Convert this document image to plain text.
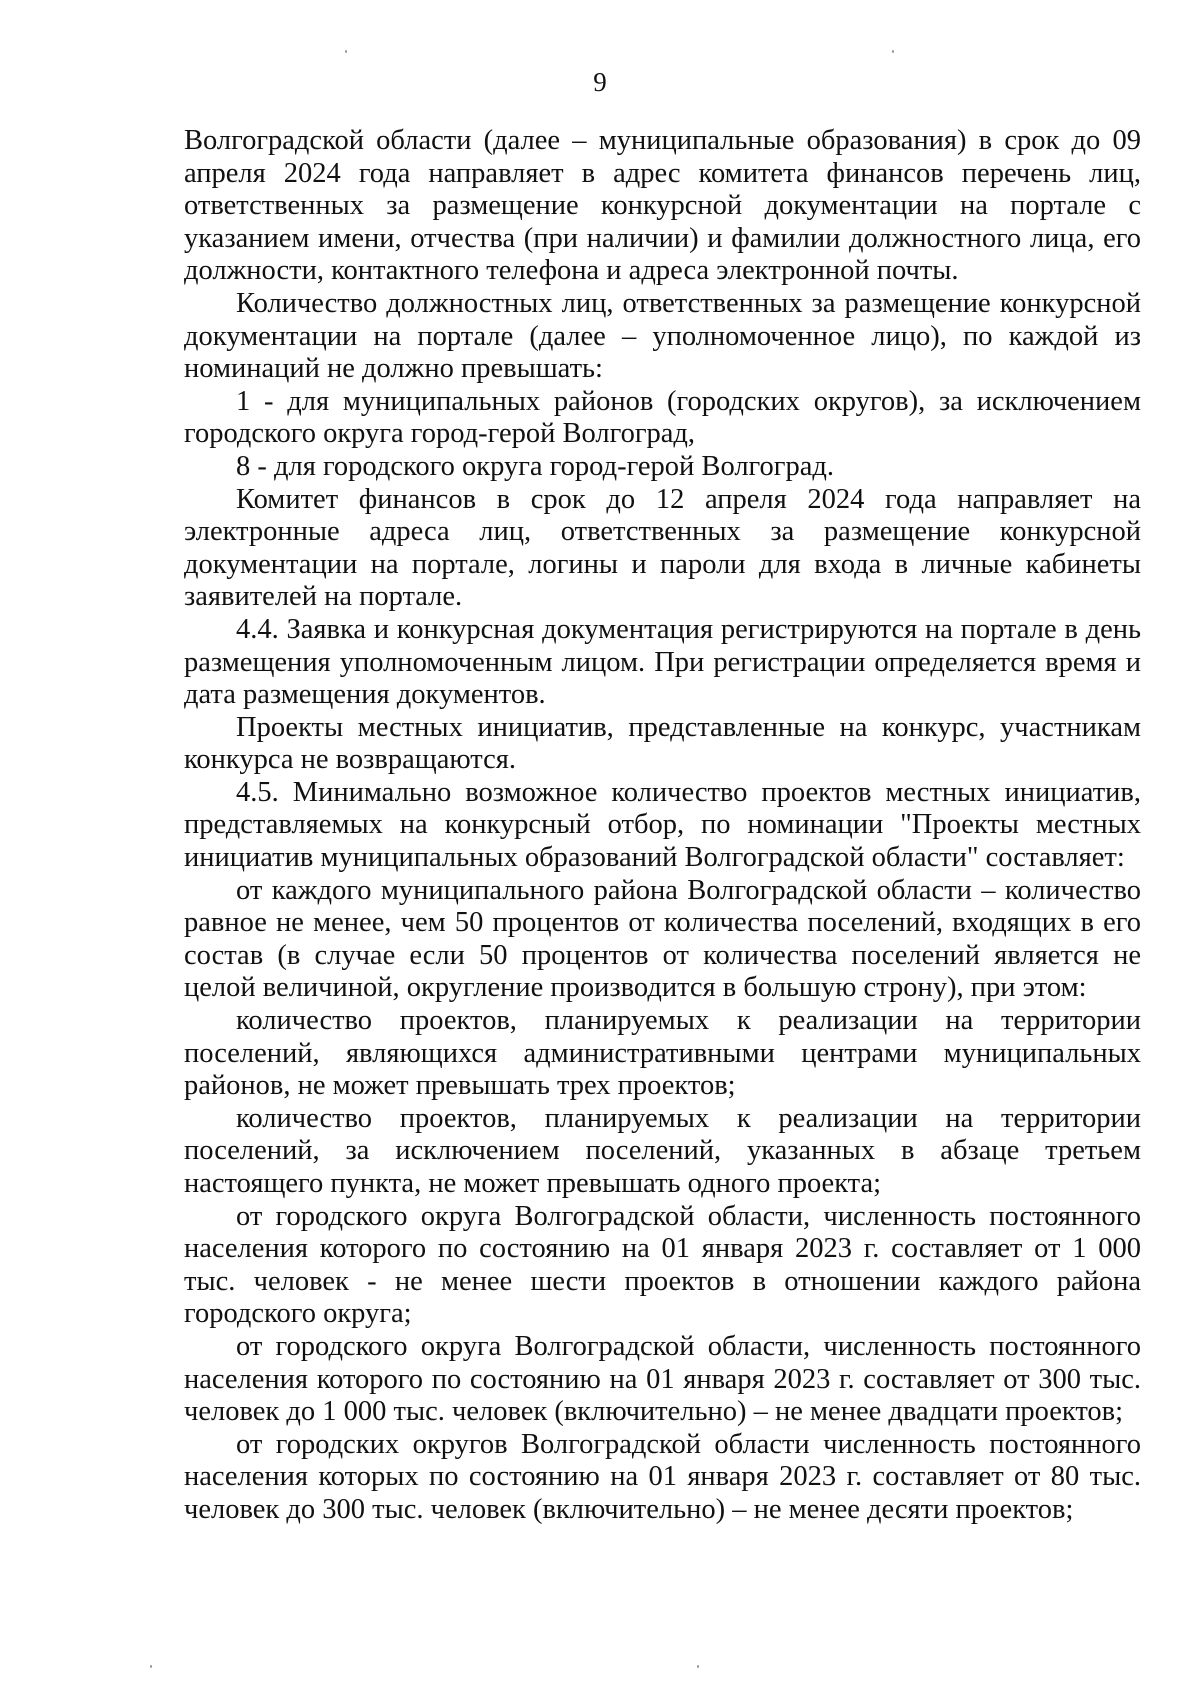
9

Волгоградской области (далее – муниципальные образования) в срок до 09 апреля 2024 года направляет в адрес комитета финансов перечень лиц, ответственных за размещение конкурсной документации на портале с указанием имени, отчества (при наличии) и фамилии должностного лица, его должности, контактного телефона и адреса электронной почты.

Количество должностных лиц, ответственных за размещение конкурсной документации на портале (далее – уполномоченное лицо), по каждой из номинаций не должно превышать:

1 - для муниципальных районов (городских округов), за исключением городского округа город-герой Волгоград,

8 - для городского округа город-герой Волгоград.

Комитет финансов в срок до 12 апреля 2024 года направляет на электронные адреса лиц, ответственных за размещение конкурсной документации на портале, логины и пароли для входа в личные кабинеты заявителей на портале.

4.4. Заявка и конкурсная документация регистрируются на портале в день размещения уполномоченным лицом. При регистрации определяется время и дата размещения документов.

Проекты местных инициатив, представленные на конкурс, участникам конкурса не возвращаются.

4.5. Минимально возможное количество проектов местных инициатив, представляемых на конкурсный отбор, по номинации "Проекты местных инициатив муниципальных образований Волгоградской области" составляет:

от каждого муниципального района Волгоградской области – количество равное не менее, чем 50 процентов от количества поселений, входящих в его состав (в случае если 50 процентов от количества поселений является не целой величиной, округление производится в большую строну), при этом:

количество проектов, планируемых к реализации на территории поселений, являющихся административными центрами муниципальных районов, не может превышать трех проектов;

количество проектов, планируемых к реализации на территории поселений, за исключением поселений, указанных в абзаце третьем настоящего пункта, не может превышать одного проекта;

от городского округа Волгоградской области, численность постоянного населения которого по состоянию на 01 января 2023 г. составляет от 1 000 тыс. человек - не менее шести проектов в отношении каждого района городского округа;

от городского округа Волгоградской области, численность постоянного населения которого по состоянию на 01 января 2023 г. составляет от 300 тыс. человек до 1 000 тыс. человек (включительно) – не менее двадцати проектов;

от городских округов Волгоградской области численность постоянного населения которых по состоянию на 01 января 2023 г. составляет от 80 тыс. человек до 300 тыс. человек (включительно) – не менее десяти проектов;
